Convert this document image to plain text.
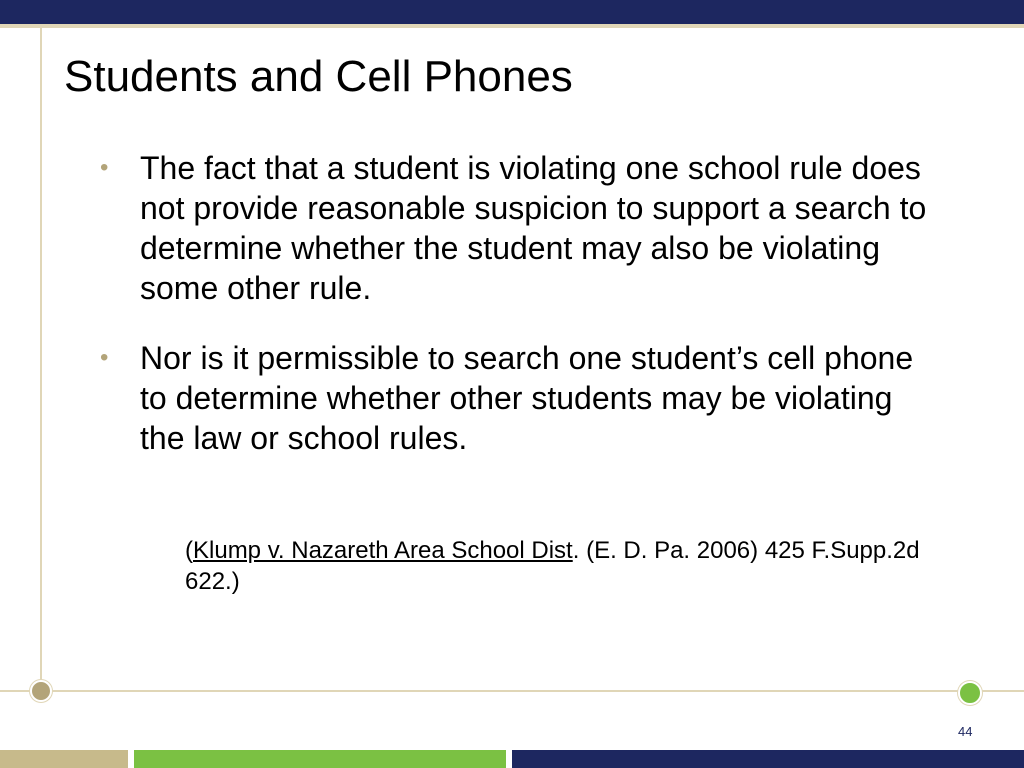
Students and Cell Phones
• The fact that a student is violating one school rule does not provide reasonable suspicion to support a search to determine whether the student may also be violating some other rule.
• Nor is it permissible to search one student’s cell phone to determine whether other students may be violating the law or school rules.
(Klump v. Nazareth Area School Dist. (E. D. Pa. 2006) 425 F.Supp.2d 622.)
44
